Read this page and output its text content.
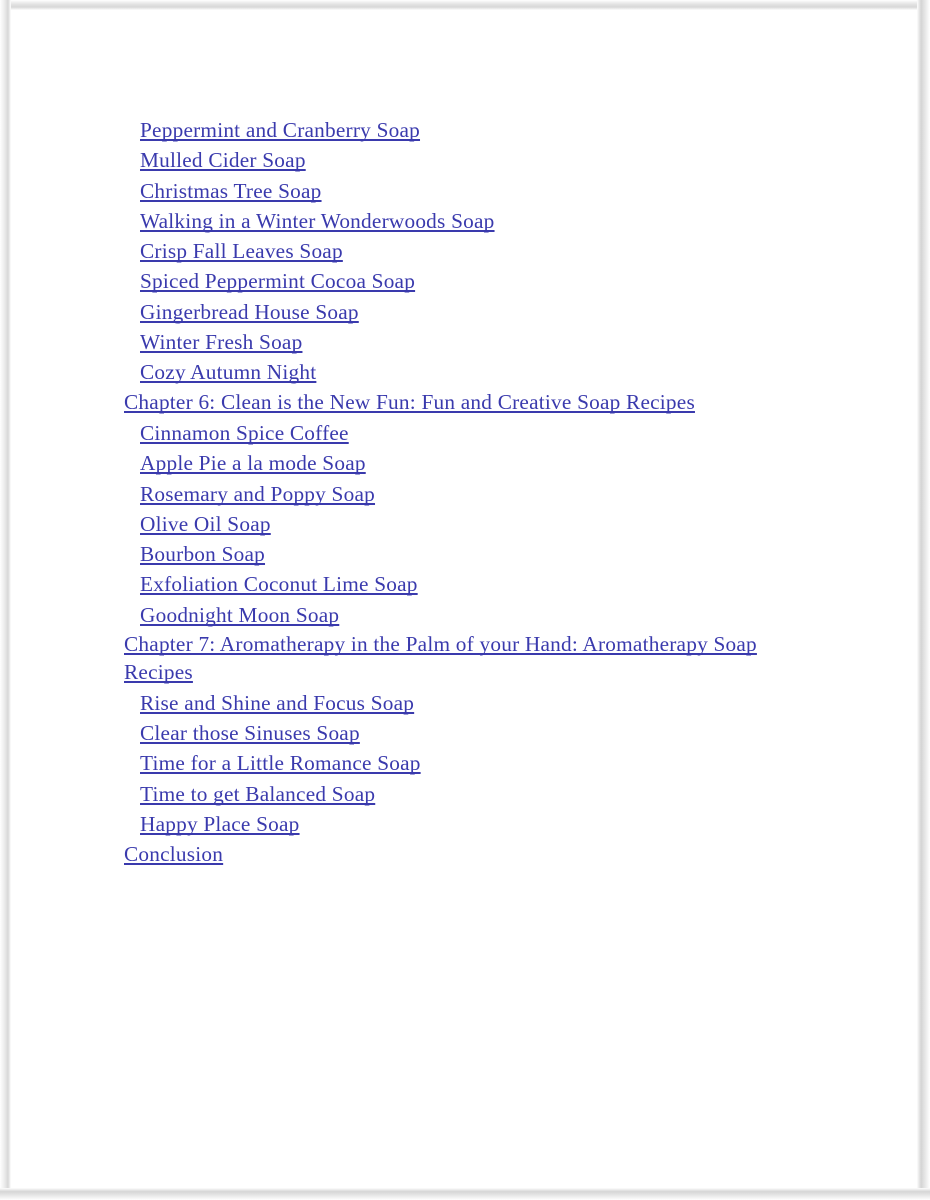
Peppermint and Cranberry Soap
Mulled Cider Soap
Christmas Tree Soap
Walking in a Winter Wonderwoods Soap
Crisp Fall Leaves Soap
Spiced Peppermint Cocoa Soap
Gingerbread House Soap
Winter Fresh Soap
Cozy Autumn Night
Chapter 6: Clean is the New Fun: Fun and Creative Soap Recipes
Cinnamon Spice Coffee
Apple Pie a la mode Soap
Rosemary and Poppy Soap
Olive Oil Soap
Bourbon Soap
Exfoliation Coconut Lime Soap
Goodnight Moon Soap
Chapter 7: Aromatherapy in the Palm of your Hand: Aromatherapy Soap Recipes
Rise and Shine and Focus Soap
Clear those Sinuses Soap
Time for a Little Romance Soap
Time to get Balanced Soap
Happy Place Soap
Conclusion
